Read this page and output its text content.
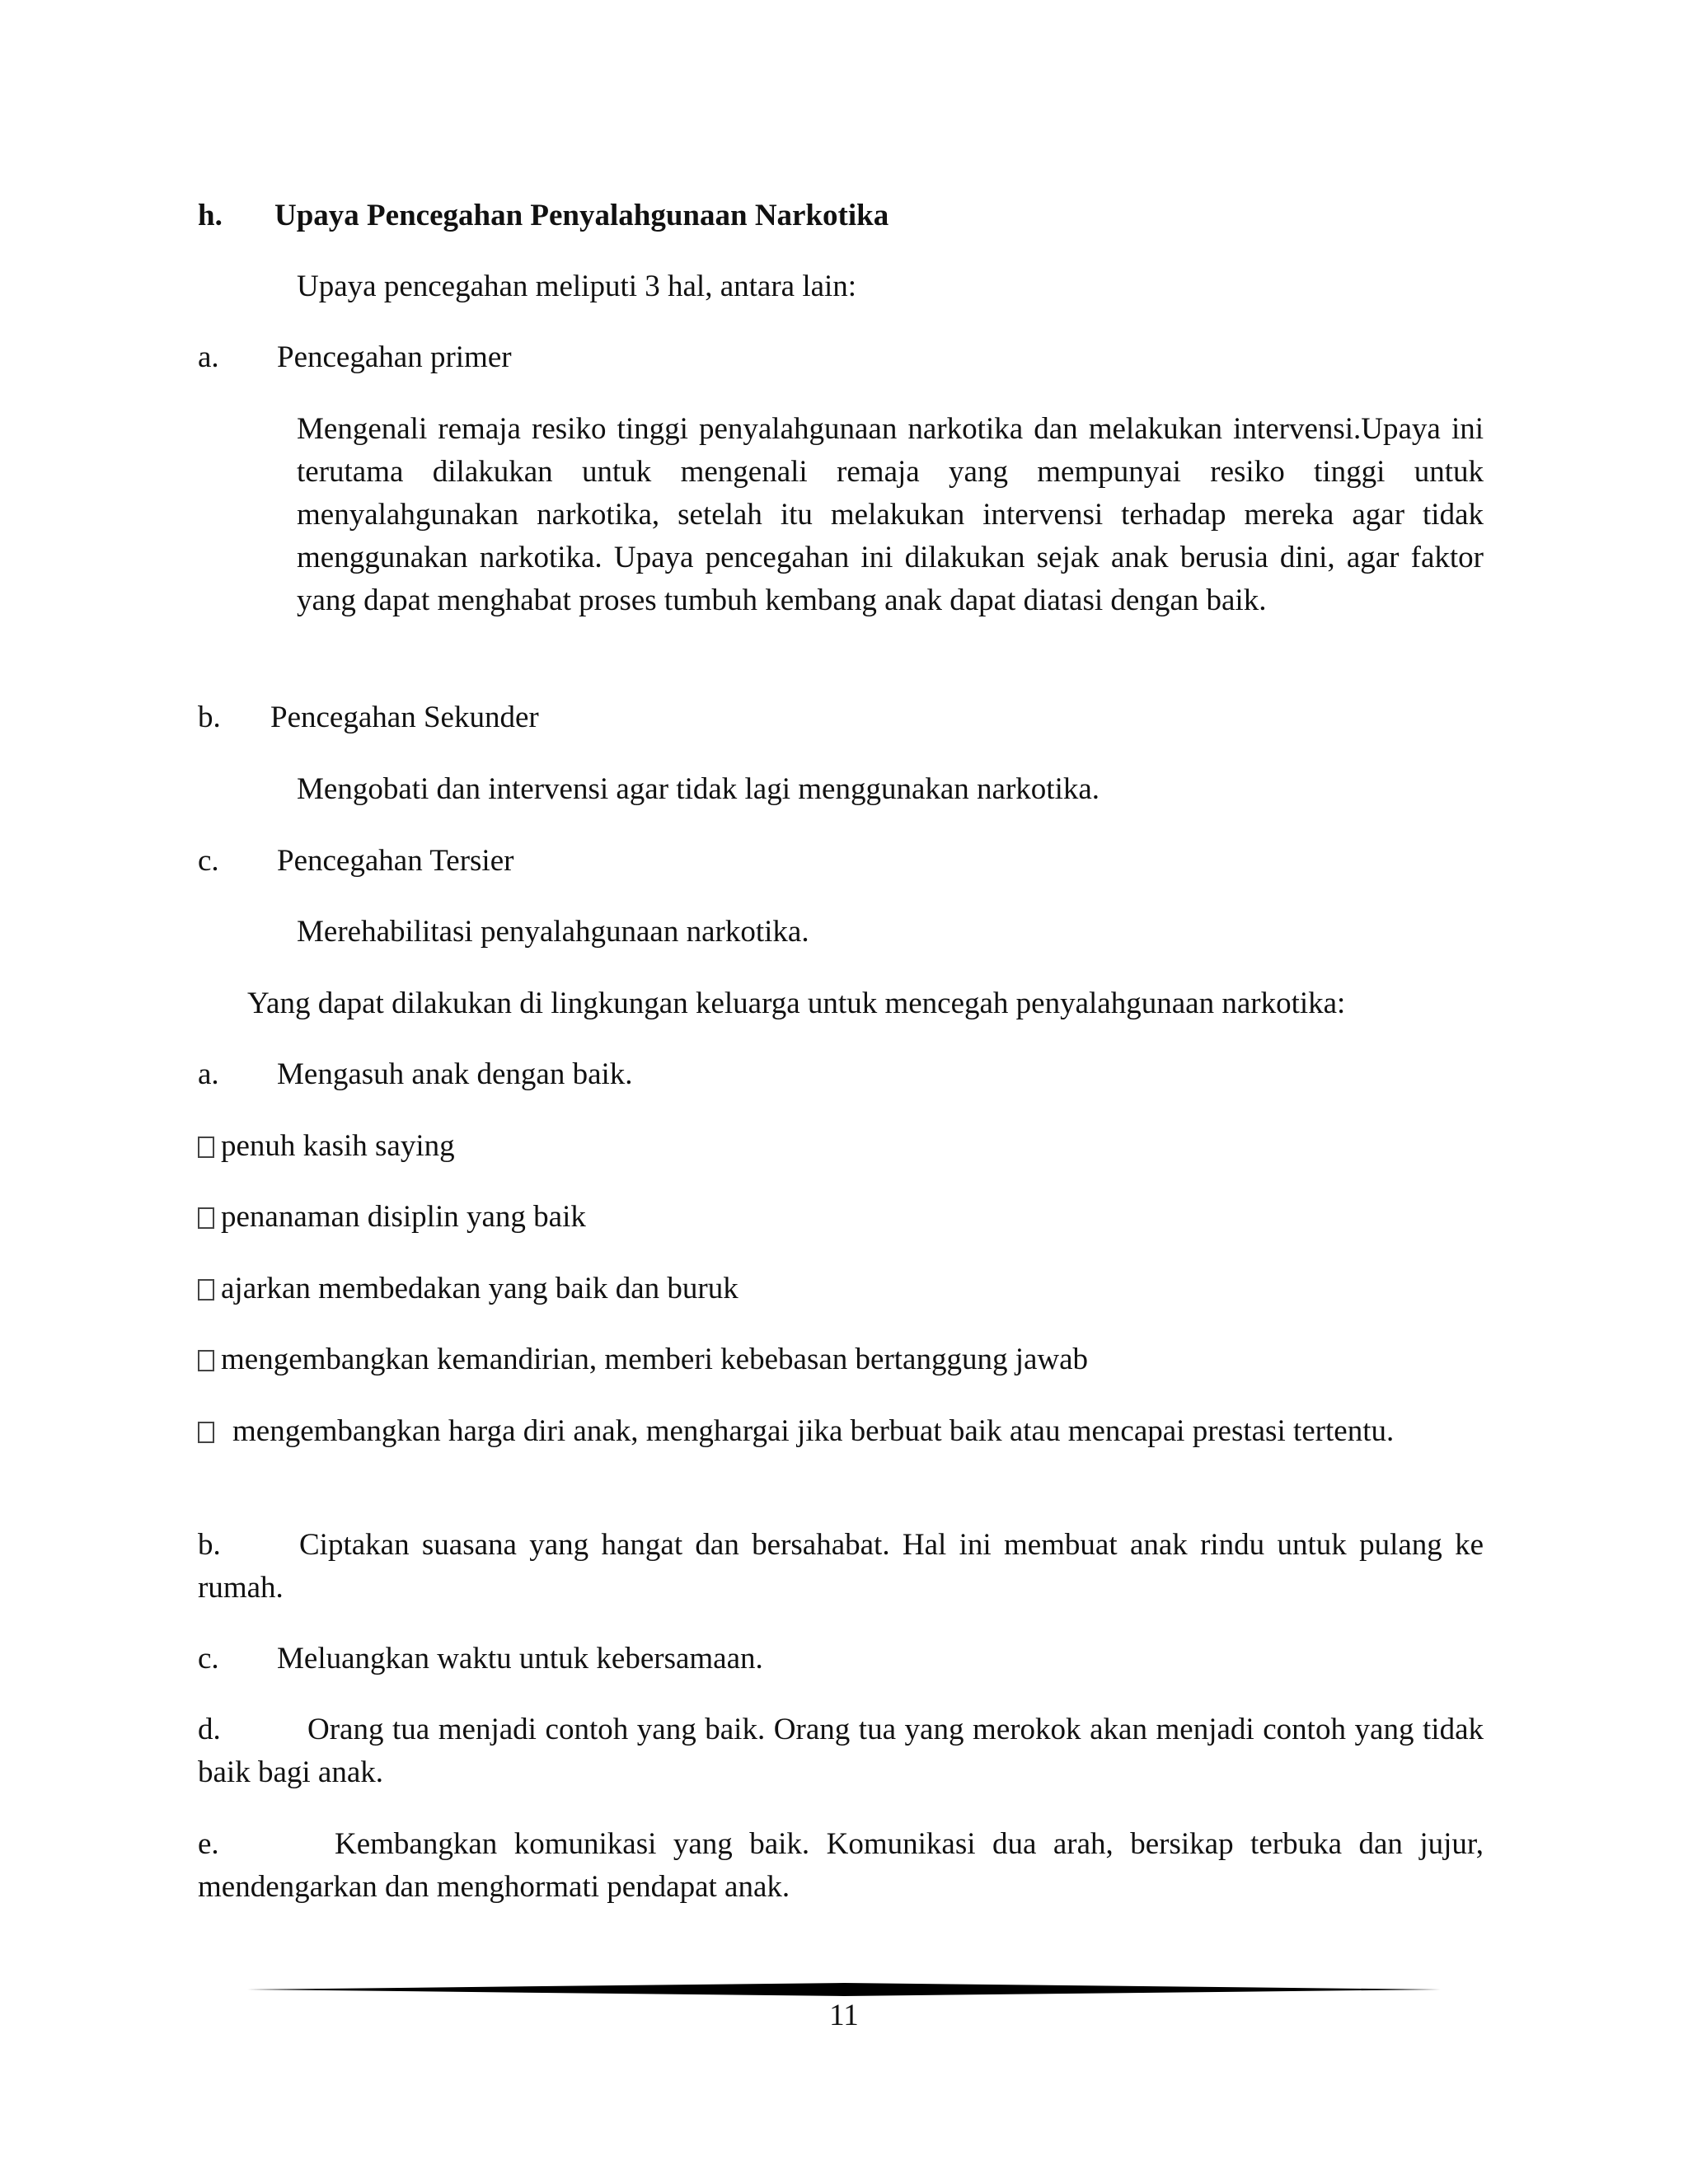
h. Upaya Pencegahan Penyalahgunaan Narkotika
Upaya pencegahan meliputi 3 hal, antara lain:
a. Pencegahan primer
Mengenali remaja resiko tinggi penyalahgunaan narkotika dan melakukan intervensi.Upaya ini terutama dilakukan untuk mengenali remaja yang mempunyai resiko tinggi untuk menyalahgunakan narkotika, setelah itu melakukan intervensi terhadap mereka agar tidak menggunakan narkotika. Upaya pencegahan ini dilakukan sejak anak berusia dini, agar faktor yang dapat menghabat proses tumbuh kembang anak dapat diatasi dengan baik.
b. Pencegahan Sekunder
Mengobati dan intervensi agar tidak lagi menggunakan narkotika.
c. Pencegahan Tersier
Merehabilitasi penyalahgunaan narkotika.
Yang dapat dilakukan di lingkungan keluarga untuk mencegah penyalahgunaan narkotika:
a. Mengasuh anak dengan baik.
penuh kasih saying
penanaman disiplin yang baik
ajarkan membedakan yang baik dan buruk
mengembangkan kemandirian, memberi kebebasan bertanggung jawab
mengembangkan harga diri anak, menghargai jika berbuat baik atau mencapai prestasi tertentu.
b.	Ciptakan suasana yang hangat dan bersahabat. Hal ini membuat anak rindu untuk pulang ke rumah.
c. Meluangkan waktu untuk kebersamaan.
d.	Orang tua menjadi contoh yang baik. Orang tua yang merokok akan menjadi contoh yang tidak baik bagi anak.
e.	Kembangkan komunikasi yang baik. Komunikasi dua arah, bersikap terbuka dan jujur, mendengarkan dan menghormati pendapat anak.
11
